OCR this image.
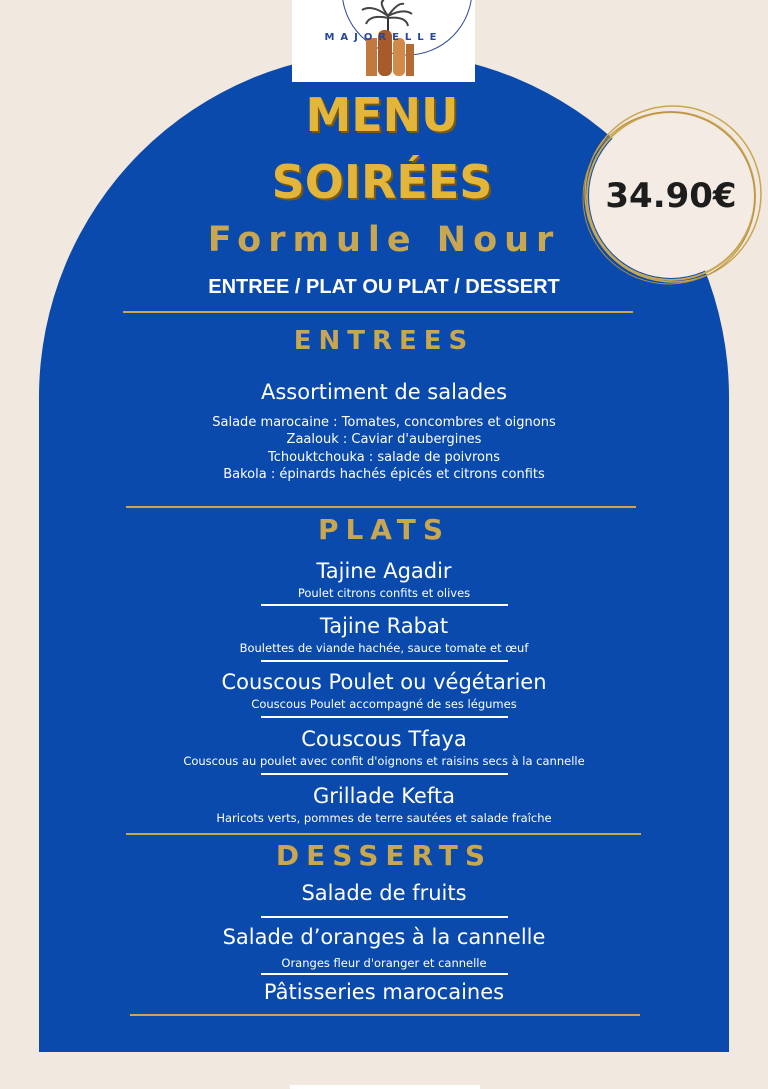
MAJORELLE
MENU
SOIRÉES
Formule Nour
34.90€
ENTREE / PLAT OU PLAT / DESSERT
ENTREES
Assortiment de salades
Salade marocaine : Tomates, concombres et oignons
Zaalouk : Caviar d'aubergines
Tchouktchouka : salade de poivrons
Bakola : épinards hachés épicés et citrons confits
PLATS
Tajine Agadir
Poulet citrons confits et olives
Tajine Rabat
Boulettes de viande hachée, sauce tomate et œuf
Couscous Poulet ou végétarien
Couscous Poulet accompagné de ses légumes
Couscous Tfaya
Couscous au poulet avec confit d'oignons et raisins secs à la cannelle
Grillade Kefta
Haricots verts, pommes de terre sautées et salade fraîche
DESSERTS
Salade de fruits
Salade d’oranges à la cannelle
Oranges fleur d'oranger et cannelle
Pâtisseries marocaines
